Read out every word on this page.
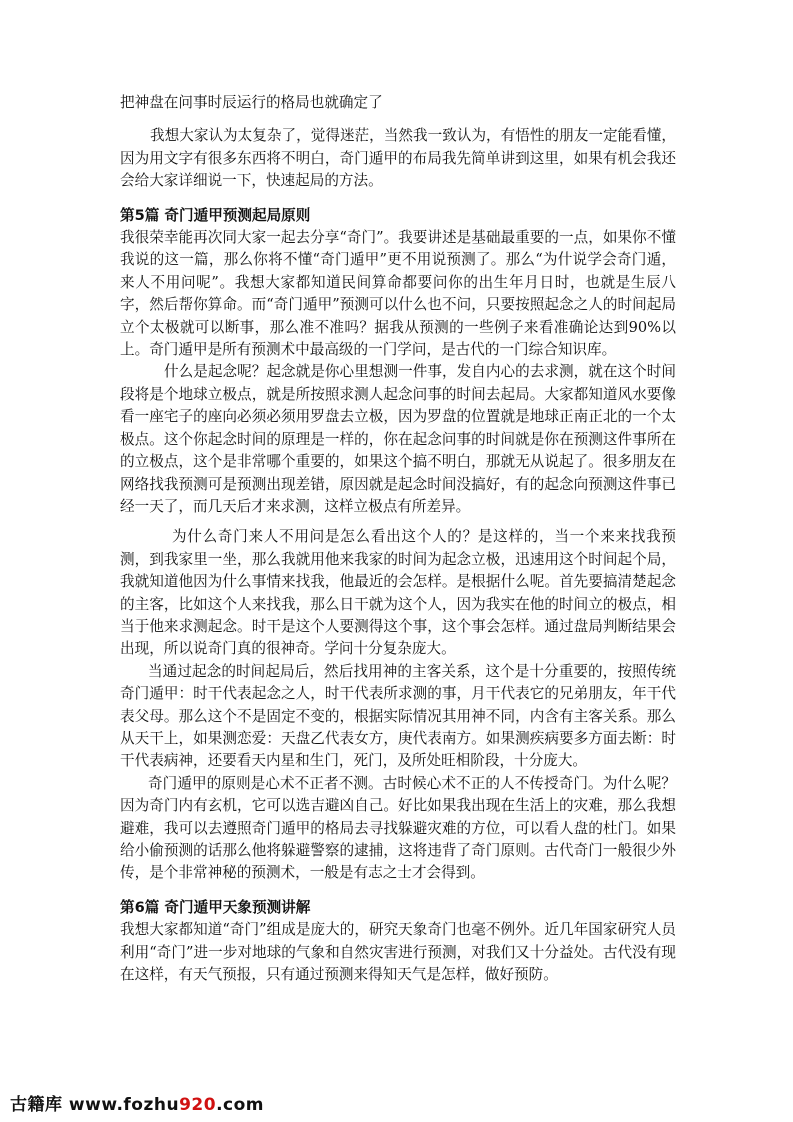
把神盘在问事时辰运行的格局也就确定了

我想大家认为太复杂了，觉得迷茫，当然我一致认为，有悟性的朋友一定能看懂，因为用文字有很多东西将不明白，奇门遁甲的布局我先简单讲到这里，如果有机会我还会给大家详细说一下，快速起局的方法。

第5篇 奇门遁甲预测起局原则

我很荣幸能再次同大家一起去分享“奇门”。我要讲述是基础最重要的一点，如果你不懂我说的这一篇，那么你将不懂“奇门遁甲”更不用说预测了。那么“为什说学会奇门遁，来人不用问呢”。我想大家都知道民间算命都要问你的出生年月日时，也就是生辰八字，然后帮你算命。而“奇门遁甲”预测可以什么也不问，只要按照起念之人的时间起局立个太极就可以断事，那么准不准吗？据我从预测的一些例子来看准确论达到90%以上。奇门遁甲是所有预测术中最高级的一门学问，是古代的一门综合知识库。

什么是起念呢？起念就是你心里想测一件事，发自内心的去求测，就在这个时间段将是个地球立极点，就是所按照求测人起念问事的时间去起局。大家都知道风水要像看一座宅子的座向必须必须用罗盘去立极，因为罗盘的位置就是地球正南正北的一个太极点。这个你起念时间的原理是一样的，你在起念问事的时间就是你在预测这件事所在的立极点，这个是非常哪个重要的，如果这个搞不明白，那就无从说起了。很多朋友在网络找我预测可是预测出现差错，原因就是起念时间没搞好，有的起念向预测这件事已经一天了，而几天后才来求测，这样立极点有所差异。

为什么奇门来人不用问是怎么看出这个人的？是这样的，当一个来来找我预测，到我家里一坐，那么我就用他来我家的时间为起念立极，迅速用这个时间起个局，我就知道他因为什么事情来找我，他最近的会怎样。是根据什么呢。首先要搞清楚起念的主客，比如这个人来找我，那么日干就为这个人，因为我实在他的时间立的极点，相当于他来求测起念。时干是这个人要测得这个事，这个事会怎样。通过盘局判断结果会出现，所以说奇门真的很神奇。学问十分复杂庞大。

当通过起念的时间起局后，然后找用神的主客关系，这个是十分重要的，按照传统奇门遁甲：时干代表起念之人，时干代表所求测的事，月干代表它的兄弟朋友，年干代表父母。那么这个不是固定不变的，根据实际情况其用神不同，内含有主客关系。那么从天干上，如果测恋爱：天盘乙代表女方，庚代表南方。如果测疾病要多方面去断：时干代表病神，还要看天内星和生门，死门，及所处旺相阶段，十分庞大。

奇门遁甲的原则是心术不正者不测。古时候心术不正的人不传授奇门。为什么呢？因为奇门内有玄机，它可以选吉避凶自己。好比如果我出现在生活上的灾难，那么我想避难，我可以去遵照奇门遁甲的格局去寻找躲避灾难的方位，可以看人盘的杜门。如果给小偷预测的话那么他将躲避警察的逮捕，这将违背了奇门原则。古代奇门一般很少外传，是个非常神秘的预测术，一般是有志之士才会得到。

第6篇 奇门遁甲天象预测讲解

我想大家都知道“奇门”组成是庞大的，研究天象奇门也毫不例外。近几年国家研究人员利用“奇门”进一步对地球的气象和自然灾害进行预测，对我们又十分益处。古代没有现在这样，有天气预报，只有通过预测来得知天气是怎样，做好预防。

古籍库 www.fozhu920.com
